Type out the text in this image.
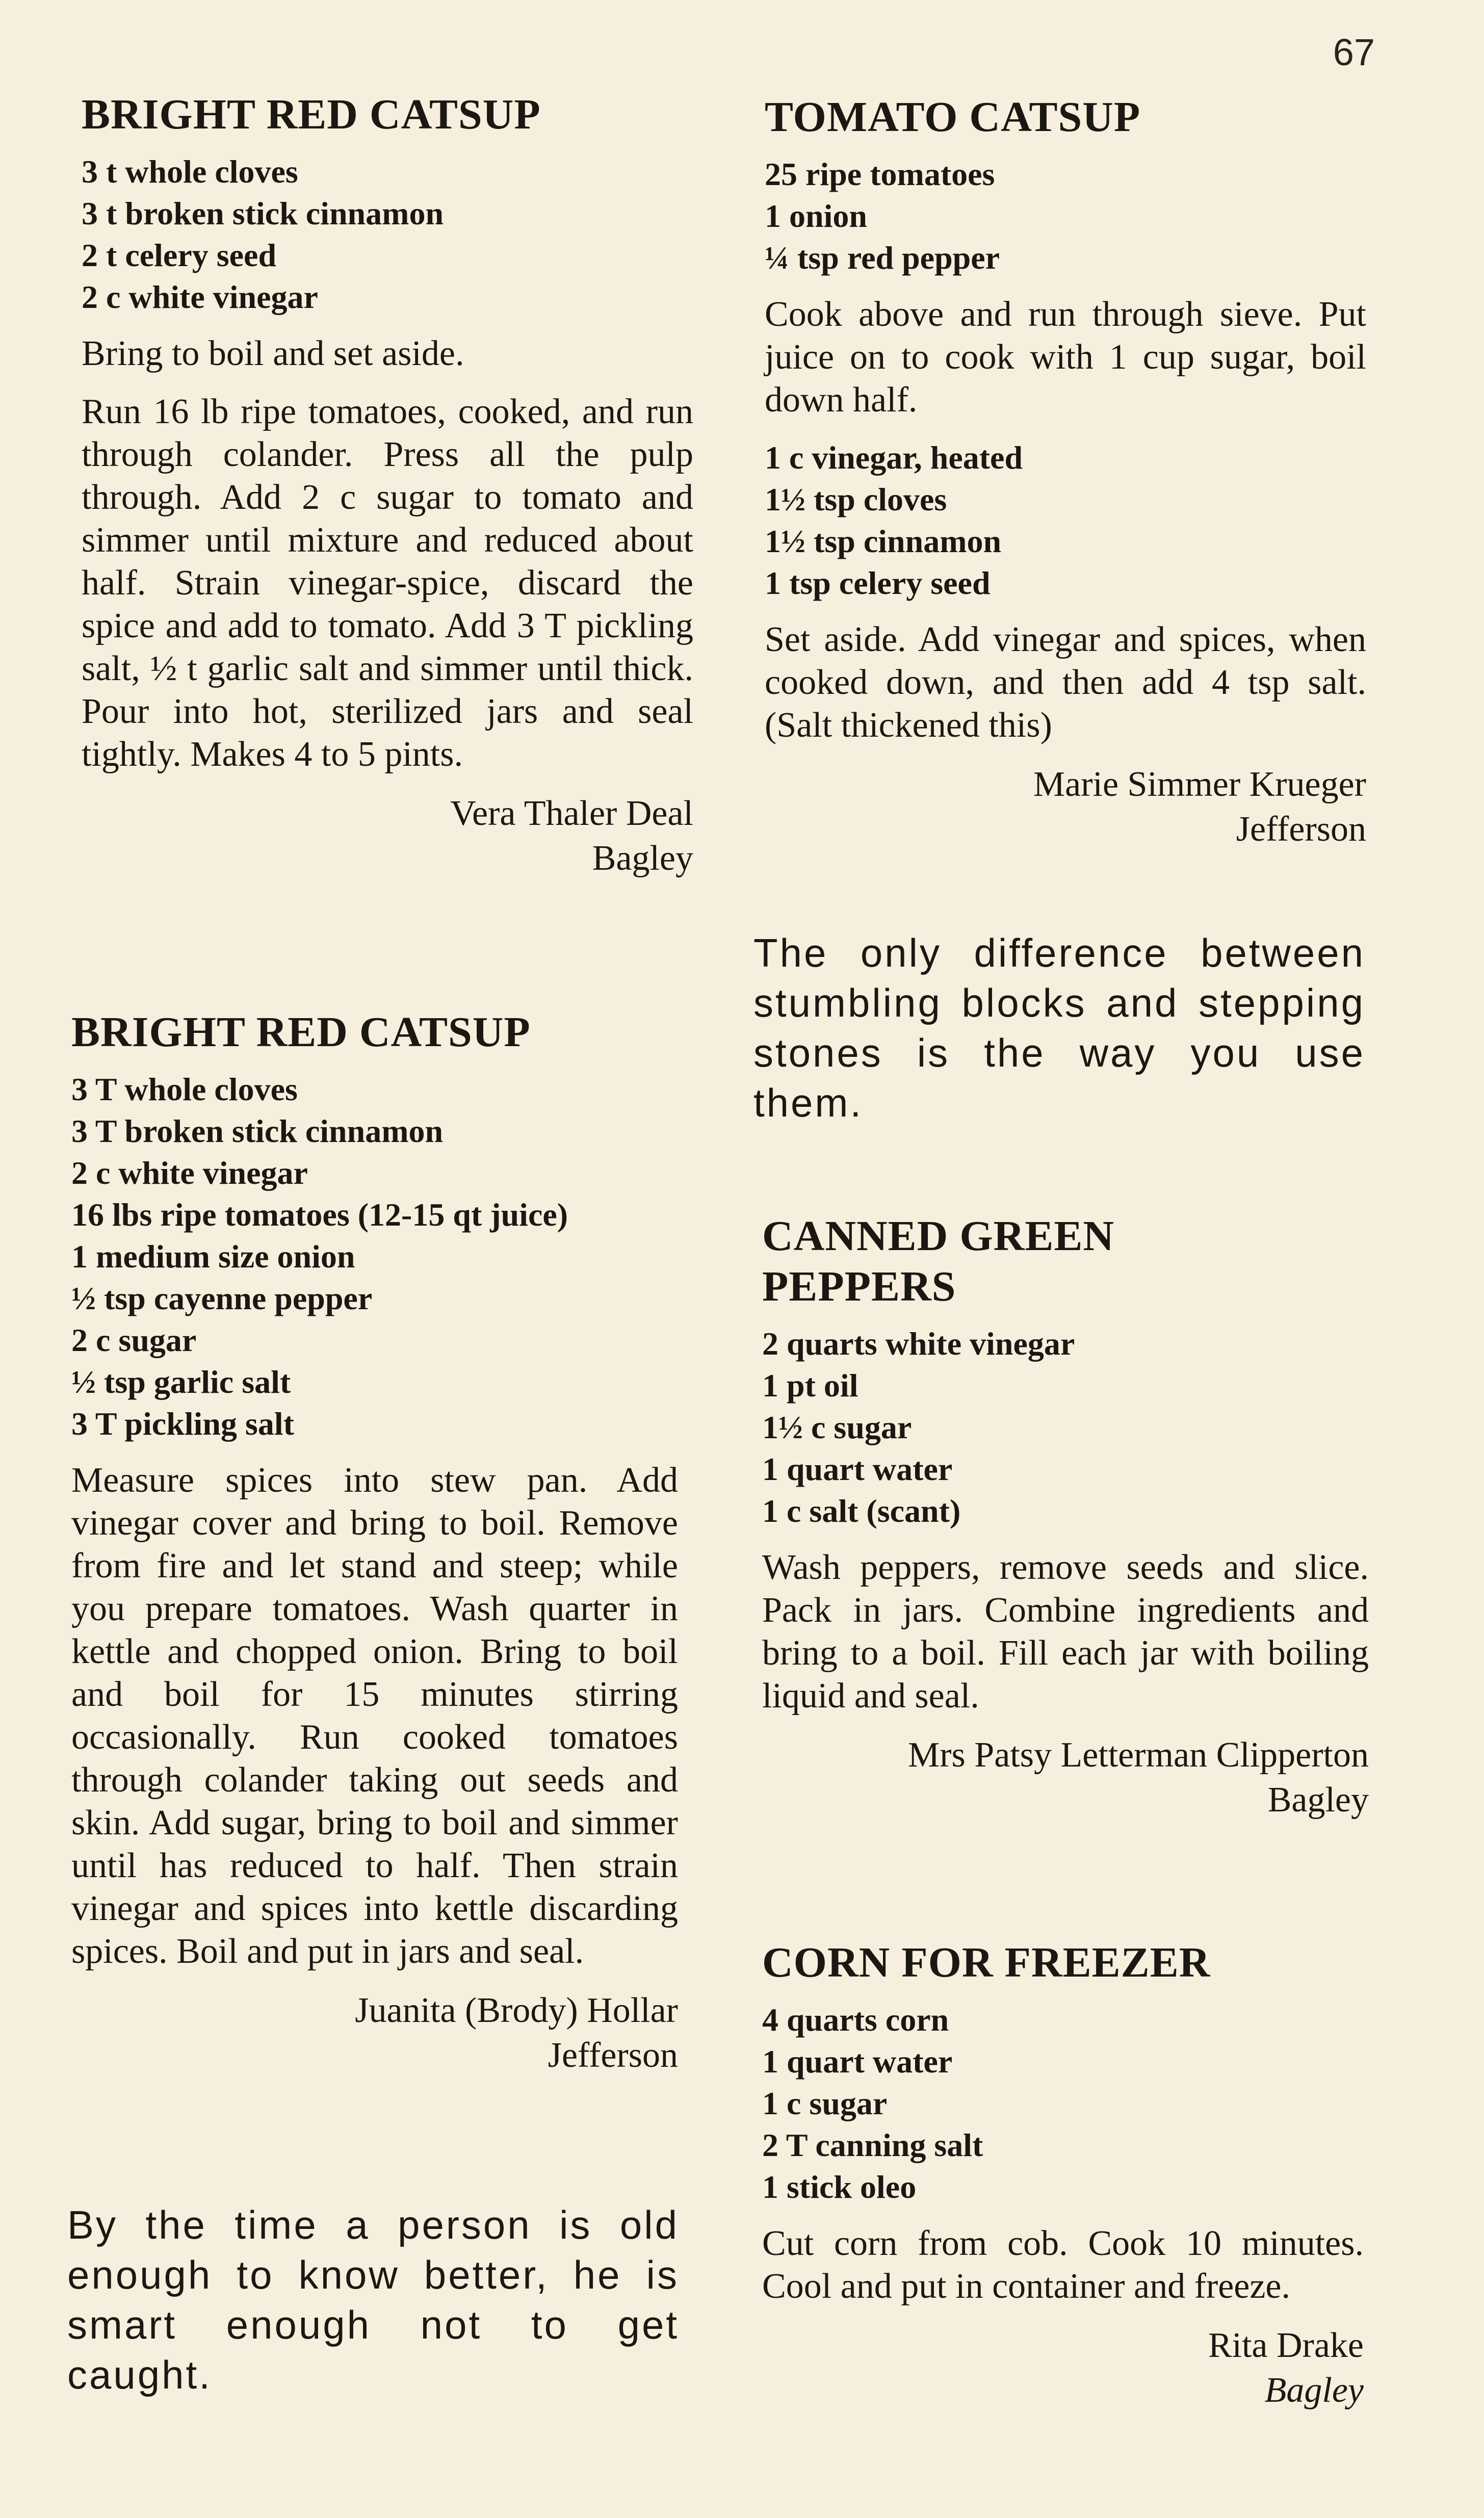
67
BRIGHT RED CATSUP
3 t whole cloves
3 t broken stick cinnamon
2 t celery seed
2 c white vinegar

Bring to boil and set aside.

Run 16 lb ripe tomatoes, cooked, and run through colander. Press all the pulp through. Add 2 c sugar to tomato and simmer until mixture and reduced about half. Strain vinegar-spice, discard the spice and add to tomato. Add 3 T pickling salt, ½ t garlic salt and simmer until thick. Pour into hot, sterilized jars and seal tightly. Makes 4 to 5 pints.

Vera Thaler Deal
Bagley
BRIGHT RED CATSUP
3 T whole cloves
3 T broken stick cinnamon
2 c white vinegar
16 lbs ripe tomatoes (12-15 qt juice)
1 medium size onion
½ tsp cayenne pepper
2 c sugar
½ tsp garlic salt
3 T pickling salt

Measure spices into stew pan. Add vinegar cover and bring to boil. Remove from fire and let stand and steep; while you prepare tomatoes. Wash quarter in kettle and chopped onion. Bring to boil and boil for 15 minutes stirring occasionally. Run cooked tomatoes through colander taking out seeds and skin. Add sugar, bring to boil and simmer until has reduced to half. Then strain vinegar and spices into kettle discarding spices. Boil and put in jars and seal.

Juanita (Brody) Hollar
Jefferson
By the time a person is old enough to know better, he is smart enough not to get caught.
TOMATO CATSUP
25 ripe tomatoes
1 onion
¼ tsp red pepper

Cook above and run through sieve. Put juice on to cook with 1 cup sugar, boil down half.

1 c vinegar, heated
1½ tsp cloves
1½ tsp cinnamon
1 tsp celery seed

Set aside. Add vinegar and spices, when cooked down, and then add 4 tsp salt. (Salt thickened this)

Marie Simmer Krueger
Jefferson
The only difference between stumbling blocks and stepping stones is the way you use them.
CANNED GREEN PEPPERS
2 quarts white vinegar
1 pt oil
1½ c sugar
1 quart water
1 c salt (scant)

Wash peppers, remove seeds and slice. Pack in jars. Combine ingredients and bring to a boil. Fill each jar with boiling liquid and seal.

Mrs Patsy Letterman Clipperton
Bagley
CORN FOR FREEZER
4 quarts corn
1 quart water
1 c sugar
2 T canning salt
1 stick oleo

Cut corn from cob. Cook 10 minutes. Cool and put in container and freeze.

Rita Drake
Bagley
